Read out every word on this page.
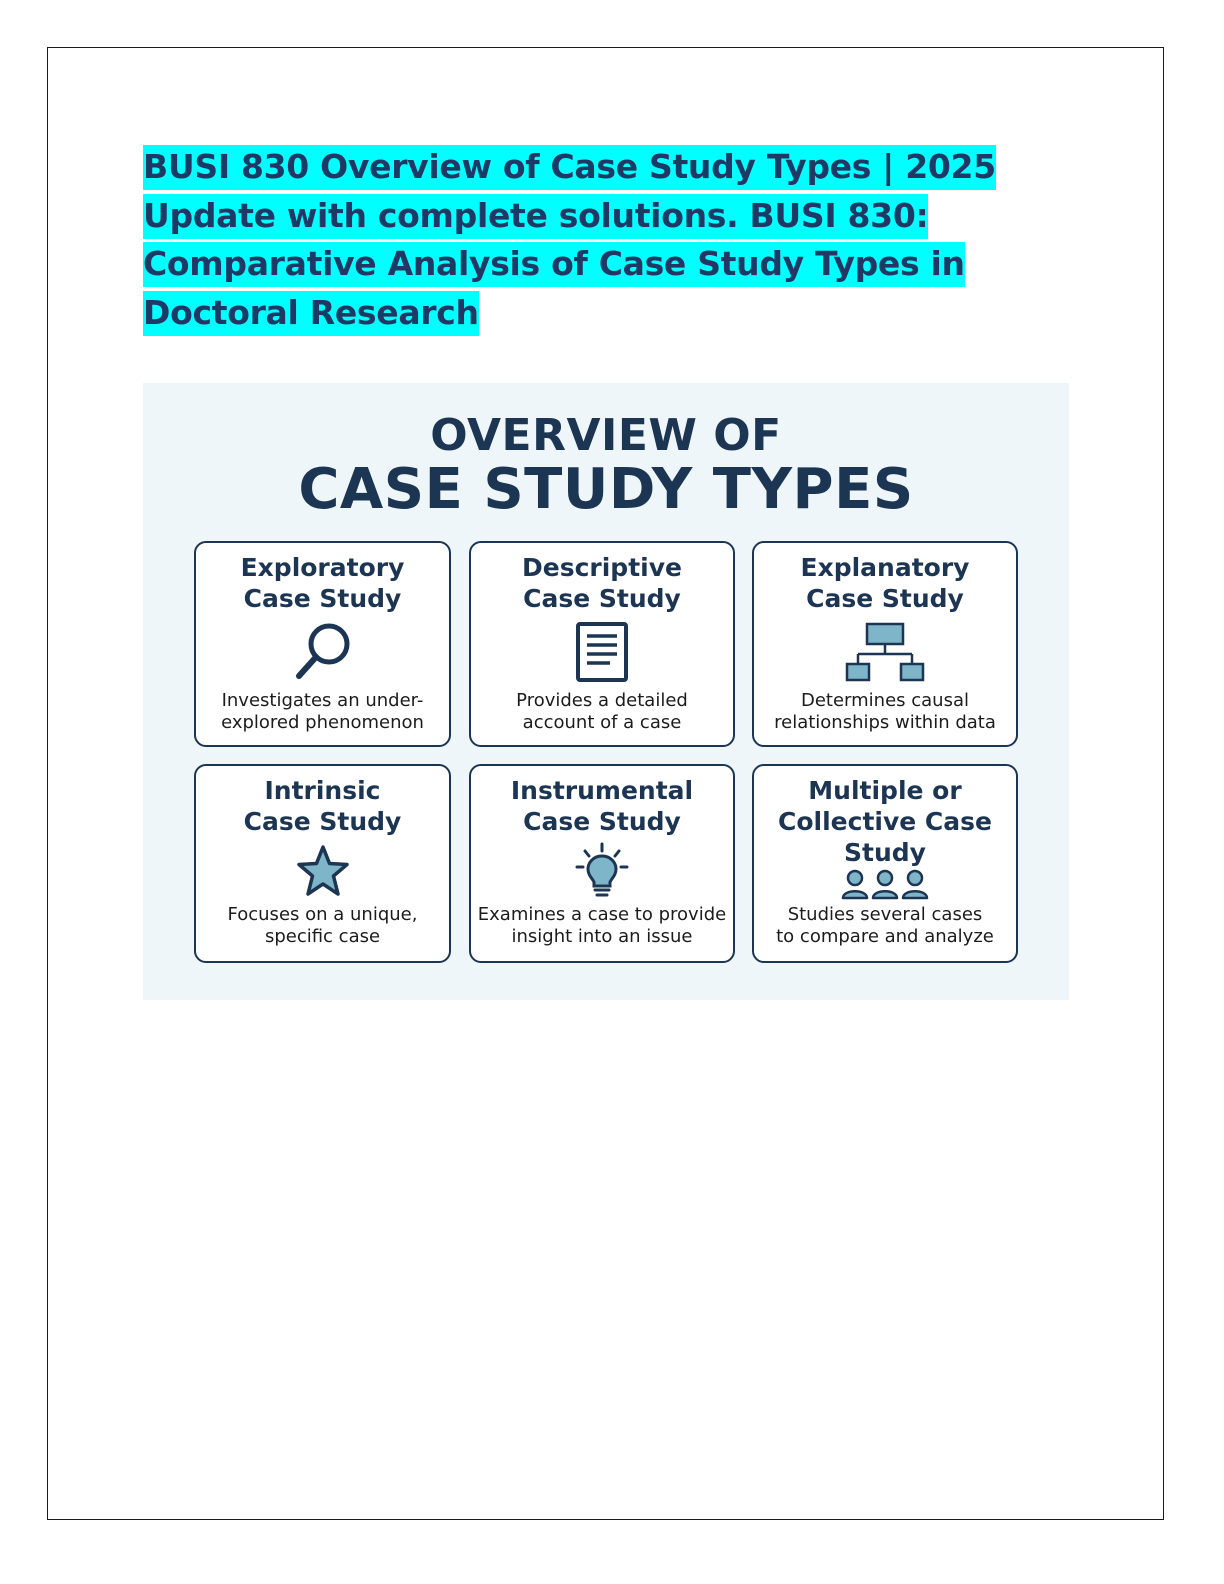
BUSI 830 Overview of Case Study Types | 2025 Update with complete solutions. BUSI 830: Comparative Analysis of Case Study Types in Doctoral Research
OVERVIEW OF
CASE STUDY TYPES
Exploratory
Case Study
Investigates an under-
explored phenomenon
Descriptive
Case Study
Provides a detailed
account of a case
Explanatory
Case Study
Determines causal
relationships within data
Intrinsic
Case Study
Focuses on a unique,
specific case
Instrumental
Case Study
Examines a case to provide
insight into an issue
Multiple or
Collective Case
Study
Studies several cases
to compare and analyze
